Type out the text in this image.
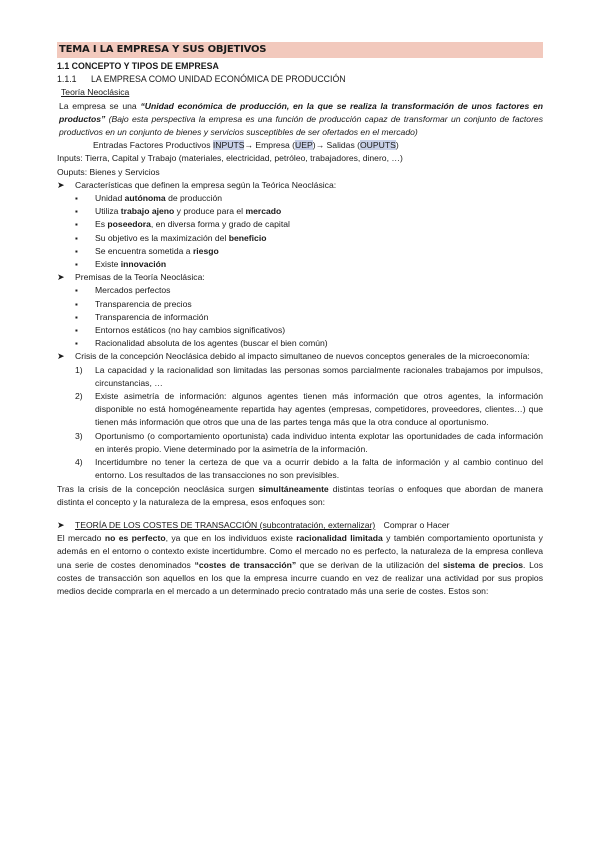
TEMA I LA EMPRESA Y SUS OBJETIVOS
1.1 CONCEPTO Y TIPOS DE EMPRESA
1.1.1 LA EMPRESA COMO UNIDAD ECONÓMICA DE PRODUCCIÓN
Teoría Neoclásica
La empresa se una “Unidad económica de producción, en la que se realiza la transformación de unos factores en productos” (Bajo esta perspectiva la empresa es una función de producción capaz de transformar un conjunto de factores productivos en un conjunto de bienes y servicios susceptibles de ser ofertados en el mercado)
Entradas Factores Productivos INPUTS→ Empresa (UEP)→ Salidas (OUPUTS)
Inputs: Tierra, Capital y Trabajo (materiales, electricidad, petróleo, trabajadores, dinero, …)
Ouputs: Bienes y Servicios
➤ Características que definen la empresa según la Teórica Neoclásica:
▪ Unidad autónoma de producción
▪ Utiliza trabajo ajeno y produce para el mercado
▪ Es poseedora, en diversa forma y grado de capital
▪ Su objetivo es la maximización del beneficio
▪ Se encuentra sometida a riesgo
▪ Existe innovación
➤ Premisas de la Teoría Neoclásica:
▪ Mercados perfectos
▪ Transparencia de precios
▪ Transparencia de información
▪ Entornos estáticos (no hay cambios significativos)
▪ Racionalidad absoluta de los agentes (buscar el bien común)
➤ Crisis de la concepción Neoclásica debido al impacto simultaneo de nuevos conceptos generales de la microeconomía:
1) La capacidad y la racionalidad son limitadas las personas somos parcialmente racionales trabajamos por impulsos, circunstancias, …
2) Existe asimetría de información: algunos agentes tienen más información que otros agentes, la información disponible no está homogéneamente repartida hay agentes (empresas, competidores, proveedores, clientes…) que tienen más información que otros que una de las partes tenga más que la otra conduce al oportunismo.
3) Oportunismo (o comportamiento oportunista) cada individuo intenta explotar las oportunidades de cada información en interés propio. Viene determinado por la asimetría de la información.
4) Incertidumbre no tener la certeza de que va a ocurrir debido a la falta de información y al cambio continuo del entorno. Los resultados de las transacciones no son previsibles.
Tras la crisis de la concepción neoclásica surgen simultáneamente distintas teorías o enfoques que abordan de manera distinta el concepto y la naturaleza de la empresa, esos enfoques son:
➤ TEORÍA DE LOS COSTES DE TRANSACCIÓN (subcontratación, externalizar) Comprar o Hacer
El mercado no es perfecto, ya que en los individuos existe racionalidad limitada y también comportamiento oportunista y además en el entorno o contexto existe incertidumbre. Como el mercado no es perfecto, la naturaleza de la empresa conlleva una serie de costes denominados “costes de transacción” que se derivan de la utilización del sistema de precios. Los costes de transacción son aquellos en los que la empresa incurre cuando en vez de realizar una actividad por sus propios medios decide comprarla en el mercado a un determinado precio contratado más una serie de costes. Estos son:
